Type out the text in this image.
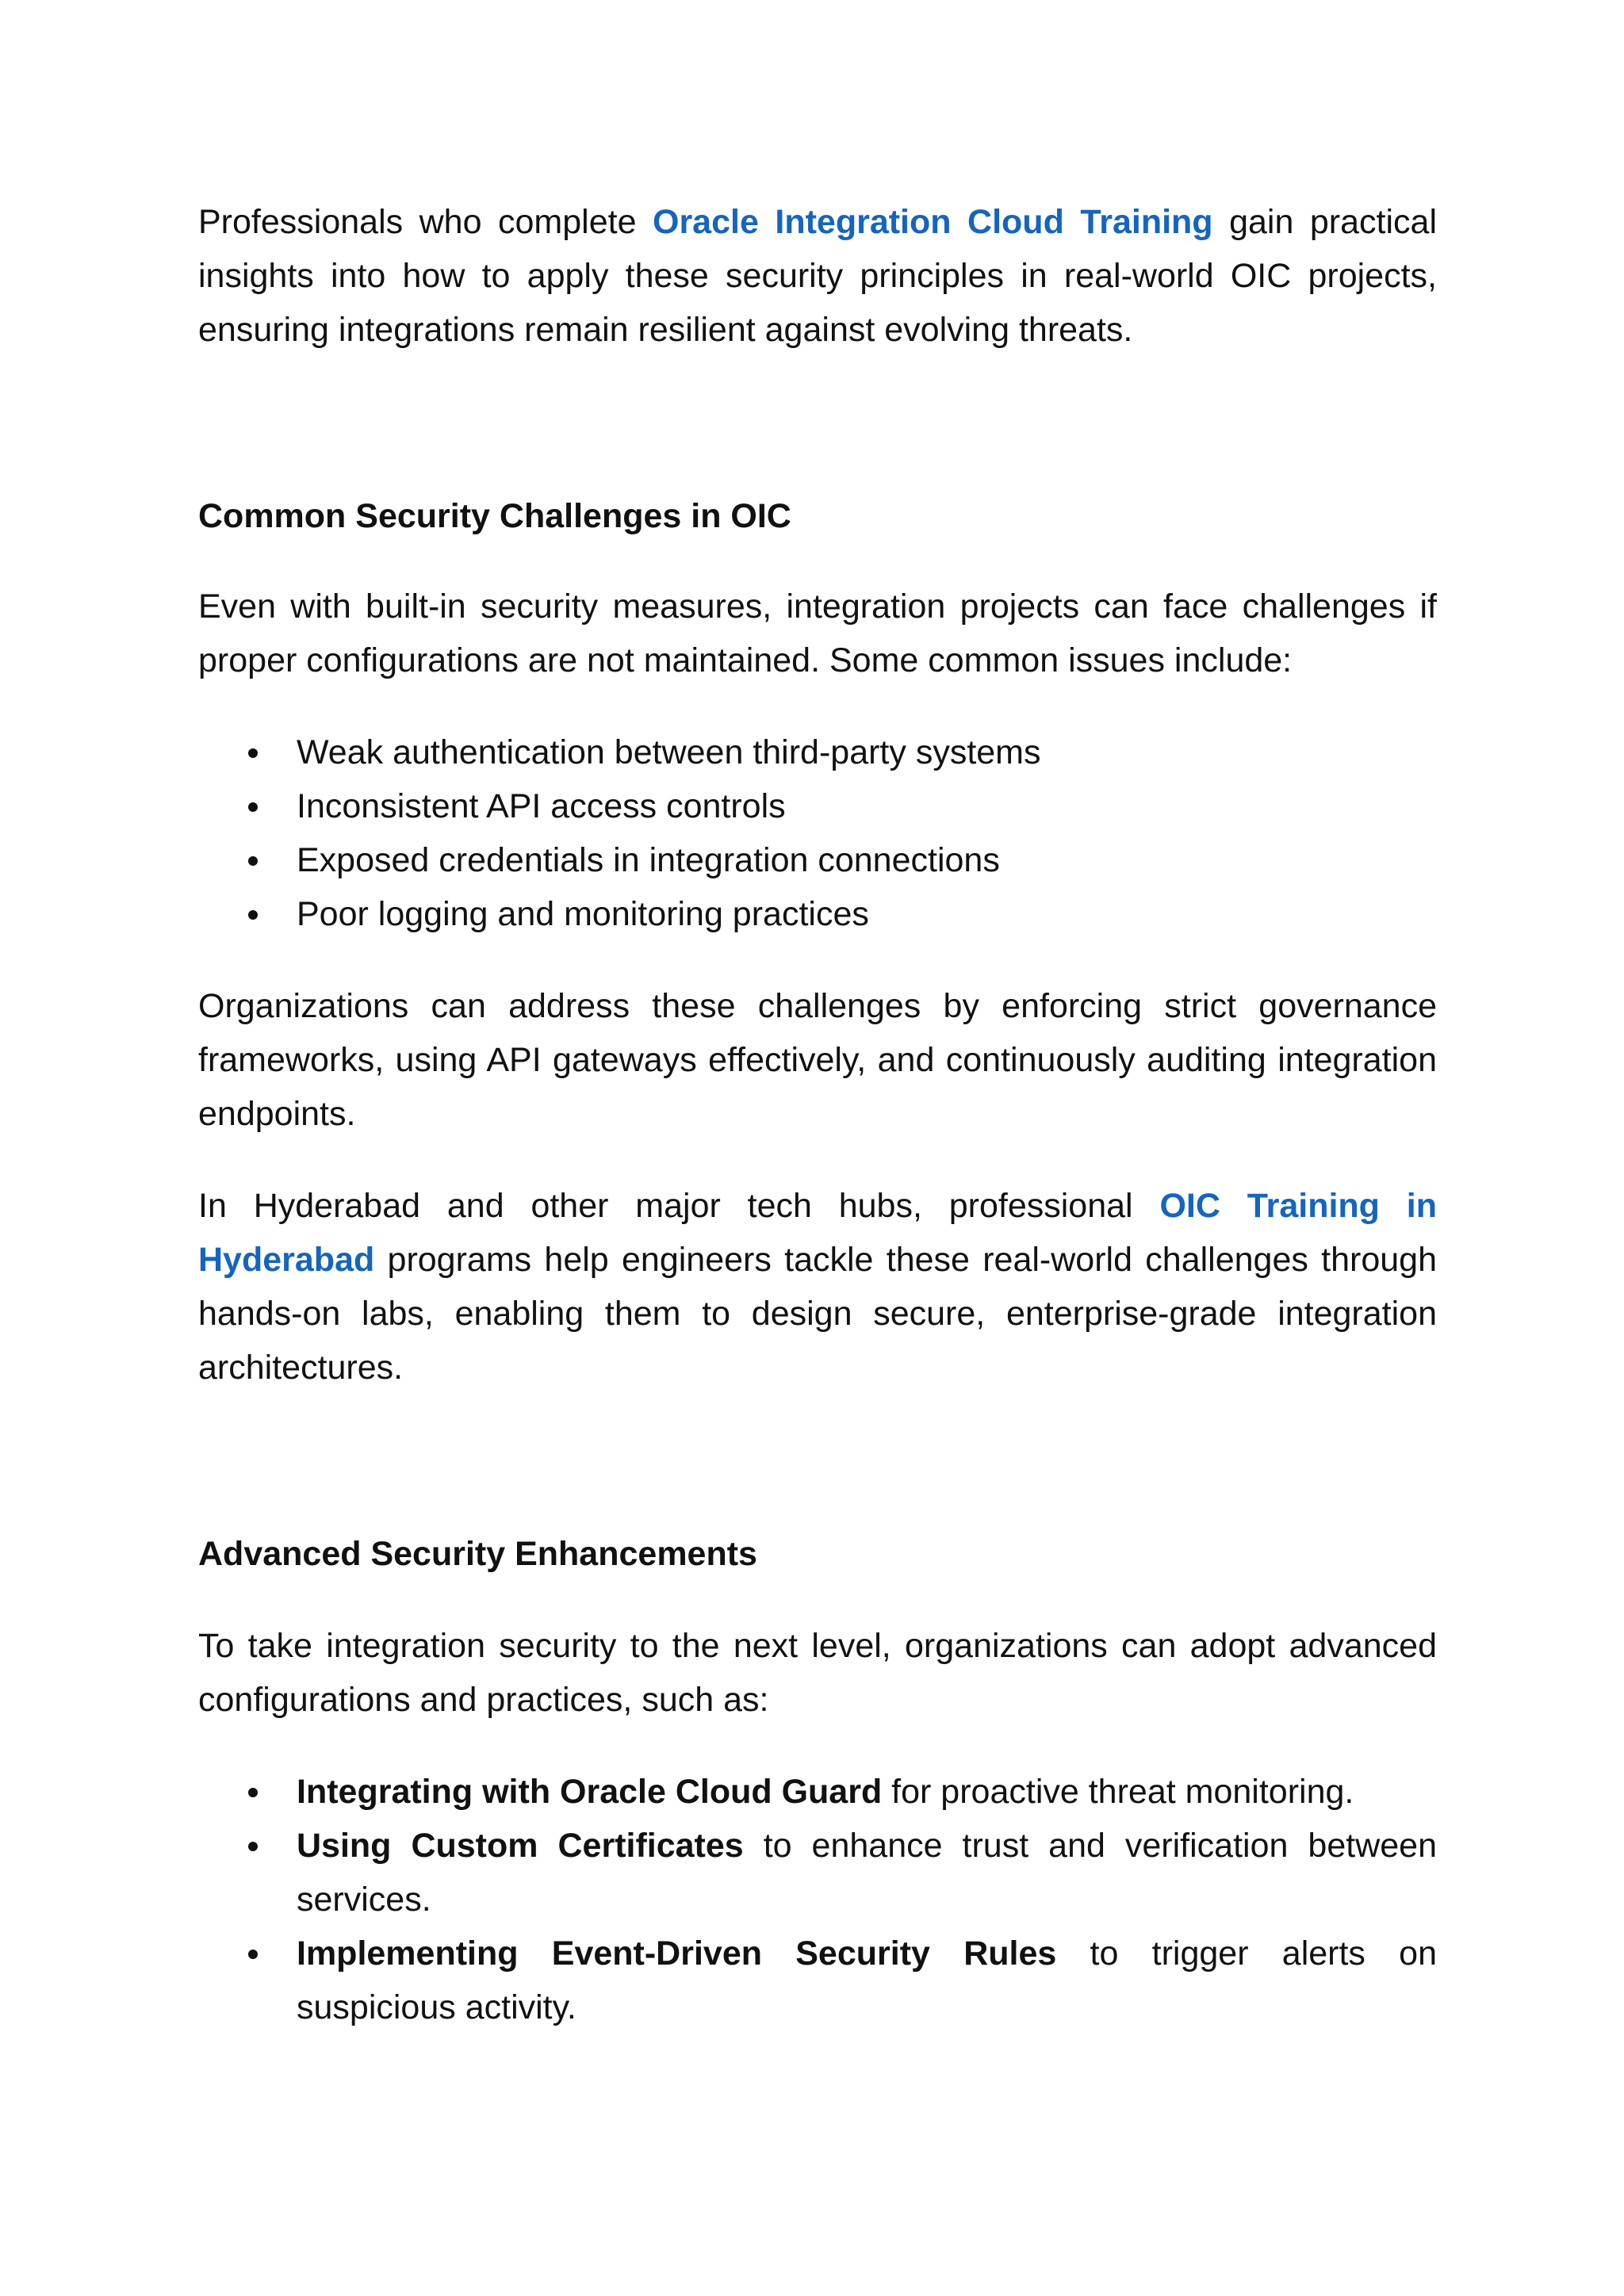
Professionals who complete Oracle Integration Cloud Training gain practical insights into how to apply these security principles in real-world OIC projects, ensuring integrations remain resilient against evolving threats.

Common Security Challenges in OIC

Even with built-in security measures, integration projects can face challenges if proper configurations are not maintained. Some common issues include:

Weak authentication between third-party systems
Inconsistent API access controls
Exposed credentials in integration connections
Poor logging and monitoring practices

Organizations can address these challenges by enforcing strict governance frameworks, using API gateways effectively, and continuously auditing integration endpoints.

In Hyderabad and other major tech hubs, professional OIC Training in Hyderabad programs help engineers tackle these real-world challenges through hands-on labs, enabling them to design secure, enterprise-grade integration architectures.

Advanced Security Enhancements

To take integration security to the next level, organizations can adopt advanced configurations and practices, such as:

Integrating with Oracle Cloud Guard for proactive threat monitoring.
Using Custom Certificates to enhance trust and verification between services.
Implementing Event-Driven Security Rules to trigger alerts on suspicious activity.
